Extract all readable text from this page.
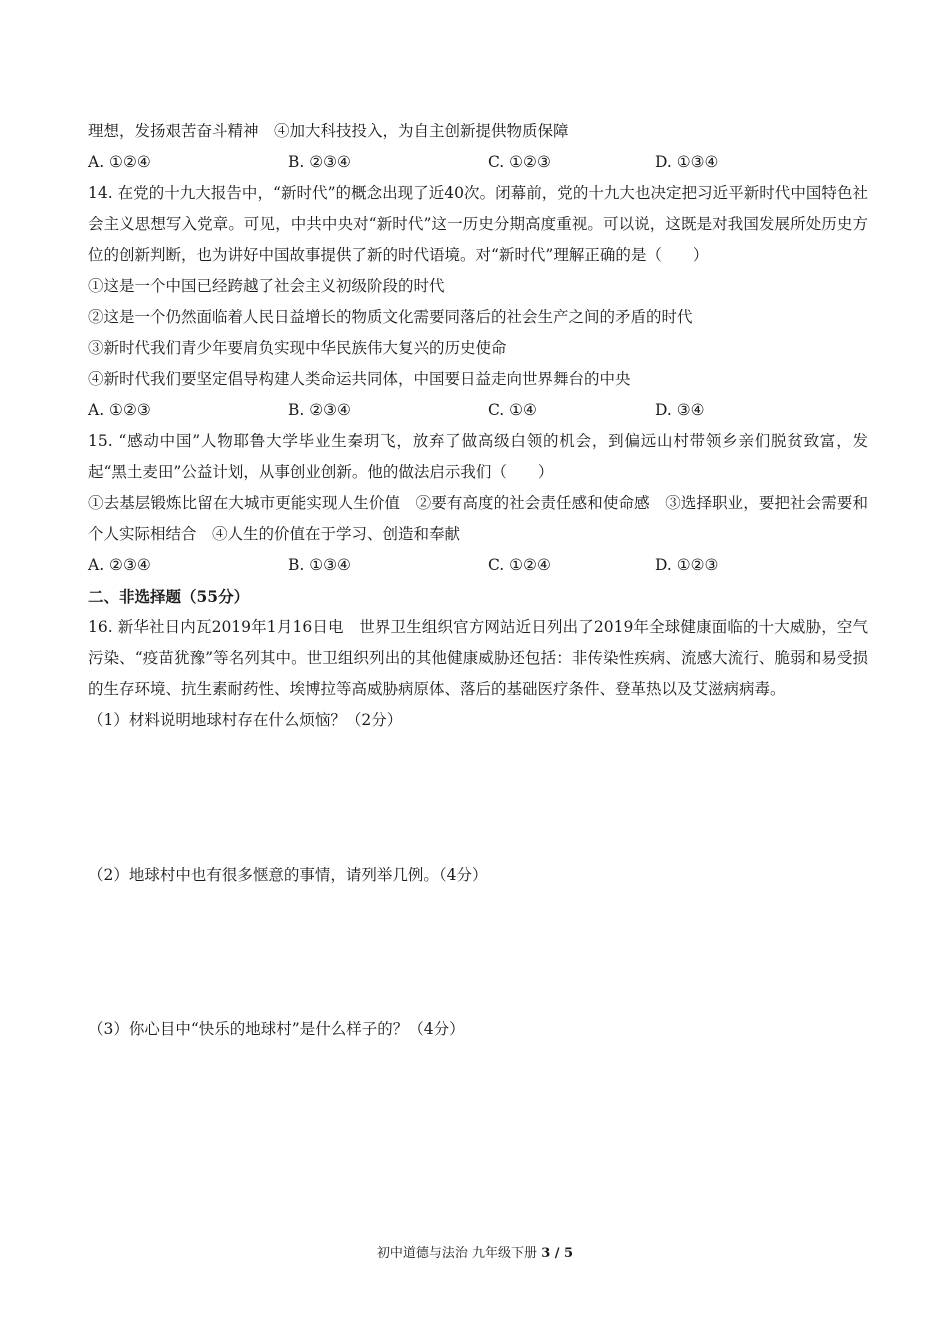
理想，发扬艰苦奋斗精神　④加大科技投入，为自主创新提供物质保障
A. ①②④	B. ②③④	C. ①②③	D. ①③④
14. 在党的十九大报告中，“新时代”的概念出现了近40次。闭幕前，党的十九大也决定把习近平新时代中国特色社会主义思想写入党章。可见，中共中央对“新时代”这一历史分期高度重视。可以说，这既是对我国发展所处历史方位的创新判断，也为讲好中国故事提供了新的时代语境。对“新时代”理解正确的是（　　）
①这是一个中国已经跨越了社会主义初级阶段的时代
②这是一个仍然面临着人民日益增长的物质文化需要同落后的社会生产之间的矛盾的时代
③新时代我们青少年要肩负实现中华民族伟大复兴的历史使命
④新时代我们要坚定倡导构建人类命运共同体，中国要日益走向世界舞台的中央
A. ①②③	B. ②③④	C. ①④	D. ③④
15. “感动中国”人物耶鲁大学毕业生秦玥飞，放弃了做高级白领的机会，到偏远山村带领乡亲们脱贫致富，发起“黑土麦田”公益计划，从事创业创新。他的做法启示我们（　　）
①去基层锻炼比留在大城市更能实现人生价值　②要有高度的社会责任感和使命感　③选择职业，要把社会需要和个人实际相结合　④人生的价值在于学习、创造和奉献
A. ②③④	B. ①③④	C. ①②④	D. ①②③
二、非选择题（55分）
16. 新华社日内瓦2019年1月16日电　世界卫生组织官方网站近日列出了2019年全球健康面临的十大威胁，空气污染、“疫苗犹豫”等名列其中。世卫组织列出的其他健康威胁还包括：非传染性疾病、流感大流行、脆弱和易受损的生存环境、抗生素耐药性、埃博拉等高威胁病原体、落后的基础医疗条件、登革热以及艾滋病病毒。
（1）材料说明地球村存在什么烦恼？（2分）
（2）地球村中也有很多惬意的事情，请列举几例。（4分）
（3）你心目中“快乐的地球村”是什么样子的？（4分）
初中道德与法治 九年级下册 3 / 5
